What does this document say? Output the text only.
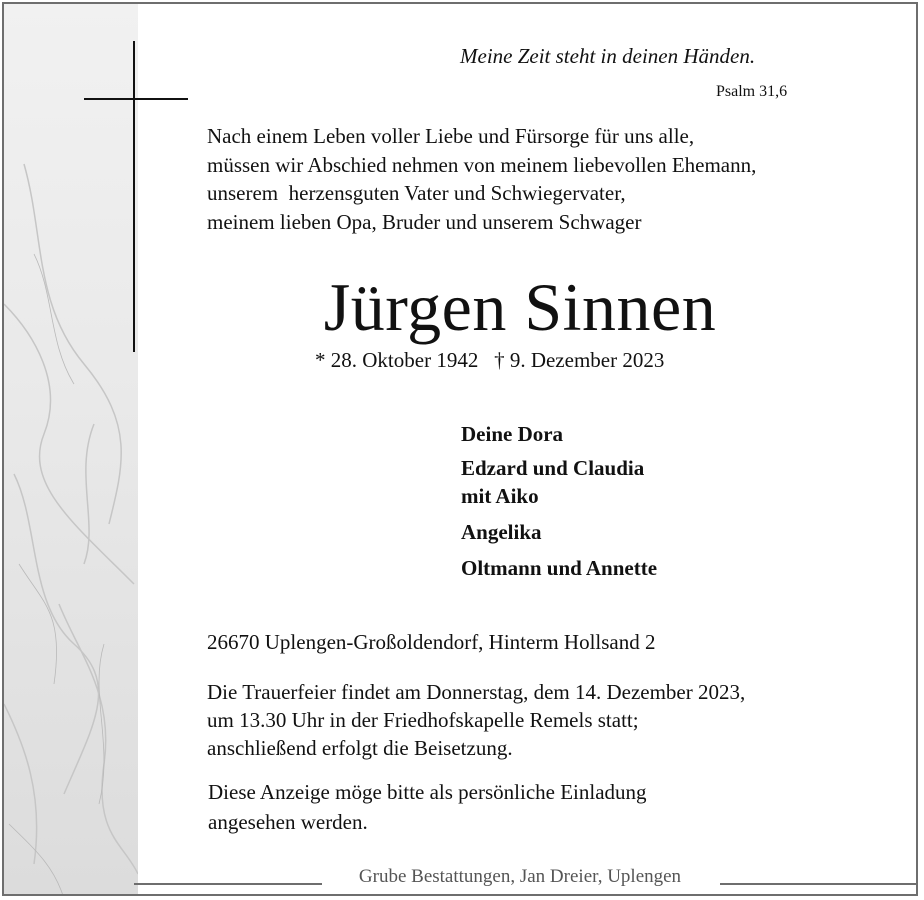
Meine Zeit steht in deinen Händen.
Psalm 31,6
Nach einem Leben voller Liebe und Fürsorge für uns alle,
müssen wir Abschied nehmen von meinem liebevollen Ehemann,
unserem  herzensguten Vater und Schwiegervater,
meinem lieben Opa, Bruder und unserem Schwager
Jürgen Sinnen
* 28. Oktober 1942   † 9. Dezember 2023
Deine Dora
Edzard und Claudia
mit Aiko
Angelika
Oltmann und Annette
26670 Uplengen-Großoldendorf, Hinterm Hollsand 2
Die Trauerfeier findet am Donnerstag, dem 14. Dezember 2023,
um 13.30 Uhr in der Friedhofskapelle Remels statt;
anschließend erfolgt die Beisetzung.
Diese Anzeige möge bitte als persönliche Einladung
angesehen werden.
Grube Bestattungen, Jan Dreier, Uplengen
